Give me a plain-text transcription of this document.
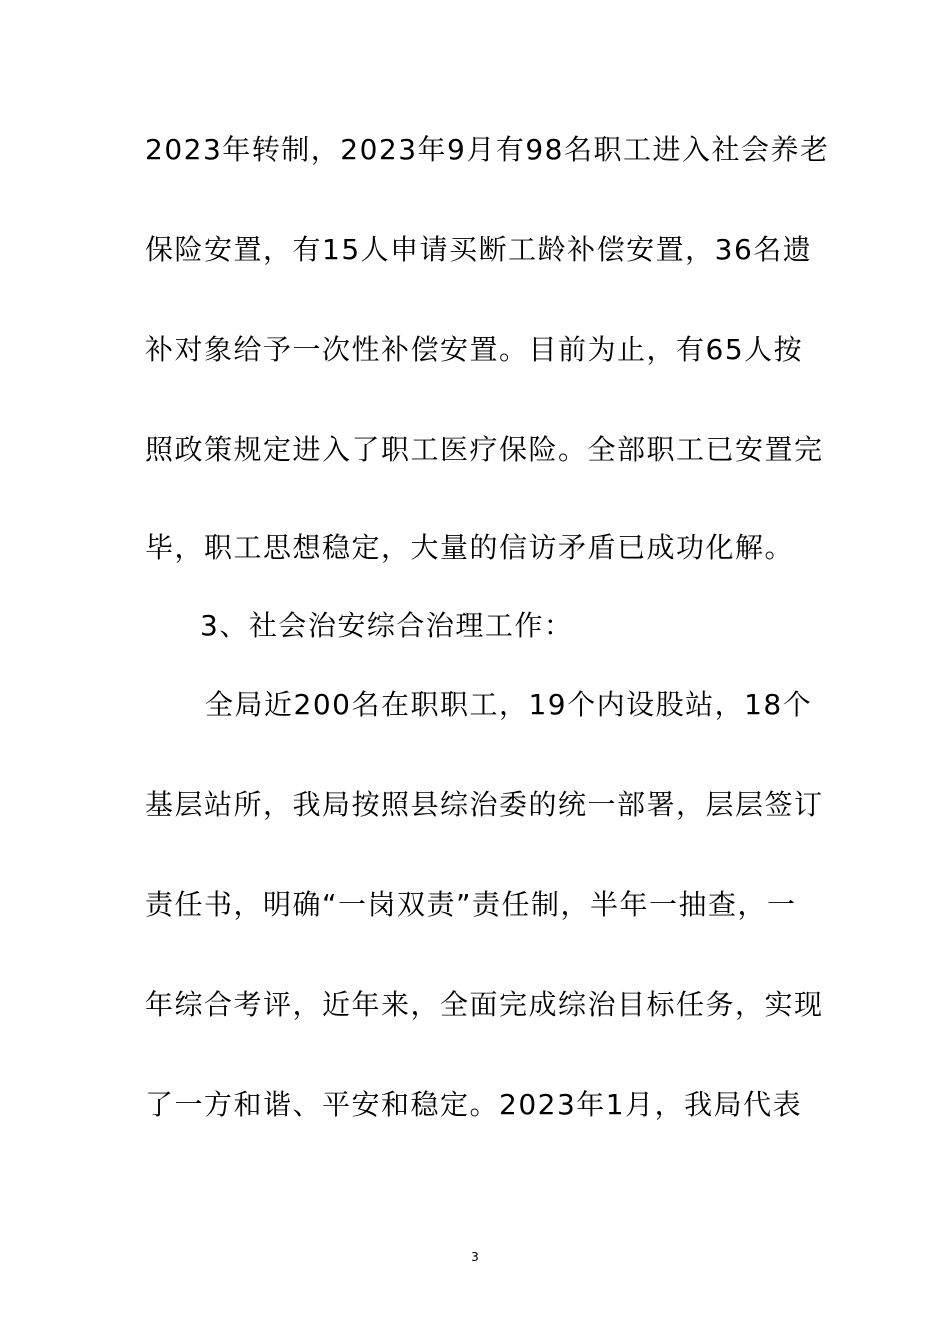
2023年转制，2023年9月有98名职工进入社会养老
保险安置，有15人申请买断工龄补偿安置，36名遗
补对象给予一次性补偿安置。目前为止，有65人按
照政策规定进入了职工医疗保险。全部职工已安置完
毕，职工思想稳定，大量的信访矛盾已成功化解。
3、社会治安综合治理工作：
全局近200名在职职工，19个内设股站，18个
基层站所，我局按照县综治委的统一部署，层层签订
责任书，明确“一岗双责”责任制，半年一抽查，一
年综合考评，近年来，全面完成综治目标任务，实现
了一方和谐、平安和稳定。2023年1月，我局代表
3
